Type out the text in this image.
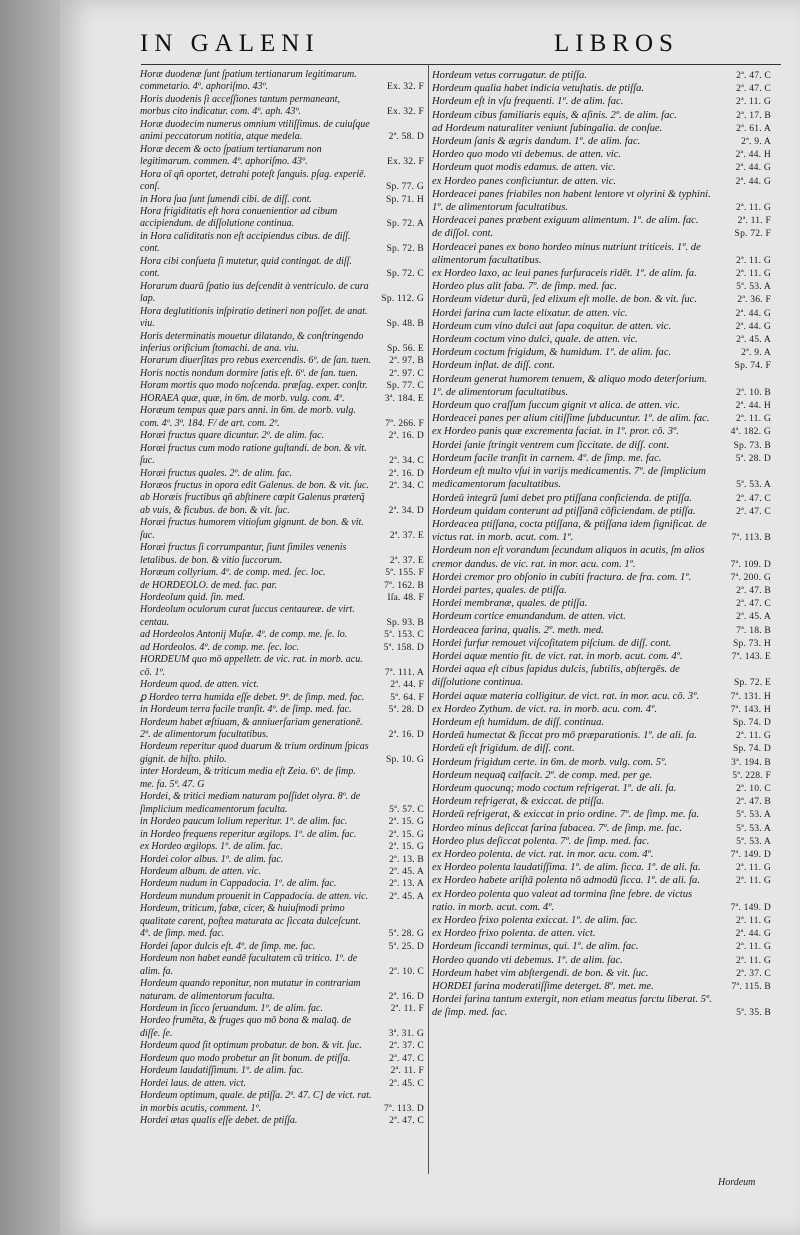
IN GALENI	LIBROS

Horæ duodenæ ſunt ſpatium tertianarum legitimarum. commetario. 4º. aphoriſmo. 43º.	Ex. 32. F

Horis duodenis ſi acceſſiones tantum permaneant, morbus cito indicatur. com. 4º. aph. 43º.	Ex. 32. F

Horæ duodecim numerus omnium vtiliſſimus. de cuiuſque animi peccatorum notitia, atque medela.	2ª. 58. D

Horæ decem & octo ſpatium tertianarum non legitimarum. commen. 4º. aphoriſmo. 43º.	Ex. 32. F

Hora oī qñ oportet, detrahi poteſt ſanguis. pſag. experiē. conſ.	Sp. 77. G

in Hora ſua ſunt ſumendi cibi. de diſſ. cont.	Sp. 71. H

Hora frigiditatis eſt hora conuenientior ad cibum accipiendum. de diſſolutione continua.	Sp. 72. A

in Hora caliditatis non eſt accipiendus cibus. de diſſ. cont.	Sp. 72. B

Hora cibi conſueta ſi mutetur, quid contingat. de diſſ. cont.	Sp. 72. C

Horarum duarū ſpatio ius deſcendit à ventriculo. de cura lap.	Sp. 112. G

Hora deglutitionis inſpiratio detineri non poſſet. de anat. viu.	Sp. 48. B

Horis determinatis mouetur dilatando, & conſtringendo inferius orificium ſtomachi. de ana. viu.	Sp. 56. E

Horarum diuerſitas pro rebus exercendis. 6º. de ſan. tuen. 2ª. 97. B

Horis noctis nondum dormire ſatis eſt. 6º. de ſan. tuen.	2ª. 97. C

Horam mortis quo modo noſcenda. præſag. exper. conſtr. Sp. 77. C

HORAEA quæ, quæ, in 6m. de morb. vulg. com. 4º.	3ª. 184. E

Horæum tempus quæ pars anni. in 6m. de morb. vulg. com. 4º. 3ª. 184. F/ de art. com. 2º.	7ª. 266. F

Horæi fructus quare dicuntur. 2º. de alim. fac.	2ª. 16. D

Horæi fructus cum modo ratione guſtandi. de bon. & vit. ſuc.	2ª. 34. C

Horæi fructus quales. 2º. de alim. fac.	2ª. 16. D

Horæos fructus in opora edit Galenus. de bon. & vit. ſuc. 2ª. 34. C

ab Horæis fructibus qñ abſtinere cœpit Galenus præterq̃ ab vuis, & ficubus. de bon. & vit. ſuc.	2ª. 34. D

Horæi fructus humorem vitioſum gignunt. de bon. & vit. ſuc.	2ª. 37. E

Horæi fructus ſi corrumpantur, ſiunt ſimiles venenis letalibus. de bon. & vitio ſuccorum.	2ª. 37. E

Horæum collyrium. 4º. de comp. med. ſec. loc.	5ª. 155. F

de HORDEOLO. de med. fac. par.	7ª. 162. B

Hordeolum quid. ſin. med.	Iſa. 48. F

Hordeolum oculorum curat ſuccus centaureæ. de virt. centau.	Sp. 93. B

ad Hordeolos Antonij Muſæ. 4º. de comp. me. ſe. lo.	5ª. 153. C

ad Hordeolos. 4º. de comp. me. ſec. loc.	5ª. 158. D

HORDEUM quo mō appelletr. de vic. rat. in morb. acu. cō. 1º.	7ª. 111. A

Hordeum quod. de atten. vict.	2ª. 44. F

ꝑ Hordeo terra humida eſſe debet. 9º. de ſimp. med. fac.	5ª. 64. F

in Hordeum terra facile tranſit. 4º. de ſimp. med. fac.	5ª. 28. D

Hordeum habet æſtiuam, & anniuerſariam generationē. 2º. de alimentorum facultatibus.	2ª. 16. D

Hordeum reperitur quod duarum & trium ordinum ſpicas gignit. de hiſto. philo.	Sp. 10. G

inter Hordeum, & triticum media eſt Zeia. 6º. de ſimp. me. fa. 5ª. 47. G

Hordei, & tritici mediam naturam poſſidet olyra. 8º. de ſimplicium medicamentorum faculta.	5ª. 57. C

in Hordeo paucum lolium reperitur. 1º. de alim. fac.	2ª. 15. G

in Hordeo frequens reperitur ægilops. 1º. de alim. fac.	2ª. 15. G

ex Hordeo ægilops. 1º. de alim. fac.	2ª. 15. G

Hordei color albus. 1º. de alim. fac.	2ª. 13. B

Hordeum album. de atten. vic.	2ª. 45. A

Hordeum nudum in Cappadocia. 1º. de alim. fac.	2ª. 13. A

Hordeum mundum prouenit in Cappadocia. de atten. vic. 2ª. 45. A

Hordeum, triticum, fabæ, cicer, & huiuſmodi primo qualitate carent, poſtea maturata ac ſiccata dulceſcunt. 4º. de ſimp. med. fac.	5ª. 28. G

Hordei ſapor dulcis eſt. 4º. de ſimp. me. fac.	5ª. 25. D

Hordeum non habet eandē facultatem cū tritico. 1º. de alim. fa.	2ª. 10. C

Hordeum quando reponitur, non mutatur in contrariam naturam. de alimentorum faculta.	2ª. 16. D

Hordeum in ſicco ſeruandum. 1º. de alim. fac.	2ª. 11. F

Hordeo frumēta, & fruges quo mō bona & malaq̄. de diſſe. ſe.	3ª. 31. G

Hordeum quod ſit optimum probatur. de bon. & vit. ſuc.	2ª. 37. C

Hordeum quo modo probetur an ſit bonum. de ptiſſa.	2ª. 47. C

Hordeum laudatiſſimum. 1º. de alim. fac.	2ª. 11. F

Hordei laus. de atten. vict.	2ª. 45. C

Hordeum optimum, quale. de ptiſſa. 2ª. 47. C] de vict. rat. in morbis acutis, comment. 1º.	7ª. 113. D

Hordei ætas qualis eſſe debet. de ptiſſa.	2ª. 47. C

Hordeum vetus corrugatur. de ptiſſa.	2ª. 47. C

Hordeum qualia habet indicia vetuſtatis. de ptiſſa.	2ª. 47. C

Hordeum eſt in vſu frequenti. 1º. de alim. fac.	2ª. 11. G

Hordeum cibus familiaris equis, & aſinis. 2º. de alim. fac.	2ª. 17. B

ad Hordeum naturaliter veniunt ſubingalia. de conſue.	2ª. 61. A

Hordeum ſanis & ægris dandum. 1º. de alim. fac.	2ª. 9. A

Hordeo quo modo vti debemus. de atten. vic.	2ª. 44. H

Hordeum quot modis edamus. de atten. vic.	2ª. 44. G

ex Hordeo panes conficiuntur. de atten. vic.	2ª. 44. G

Hordeacei panes friabiles non habent lentore vt olyrini & typhini. 1º. de alimentorum facultatibus.	2ª. 11. G

Hordeacei panes præbent exiguum alimentum. 1º. de alim. fac.	2ª. 11. F

de diſſol. cont.	Sp. 72. F

Hordeacei panes ex bono hordeo minus nutriunt triticeis. 1º. de alimentorum facultatibus.	2ª. 11. G

ex Hordeo laxo, ac leui panes furfuraceis ridēt. 1º. de alim. fa.	2ª. 11. G

Hordeo plus alit faba. 7º. de ſimp. med. fac.	5ª. 53. A

Hordeum videtur durū, ſed elixum eſt molle. de bon. & vit. ſuc.	2ª. 36. F

Hordei farina cum lacte elixatur. de atten. vic.	2ª. 44. G

Hordeum cum vino dulci aut ſapa coquitur. de atten. vic.	2ª. 44. G

Hordeum coctum vino dulci, quale. de atten. vic.	2ª. 45. A

Hordeum coctum frigidum, & humidum. 1º. de alim. fac.	2ª. 9. A

Hordeum inflat. de diſſ. cont.	Sp. 74. F

Hordeum generat humorem tenuem, & aliquo modo deterſorium. 1º. de alimentorum facultatibus.	2ª. 10. B

Hordeum quo craſſum ſuccum gignit vt alica. de atten. vic.	2ª. 44. H

Hordeacei panes per alium citiſſime ſubducuntur. 1º. de alim. fac.	2ª. 11. G

ex Hordeo panis quæ excrementa faciat. in 1º. pror. cō. 3º.	4ª. 182. G

Hordei ſanie ſtringit ventrem cum ſiccitate. de diſſ. cont.	Sp. 73. B

Hordeum facile tranſit in carnem. 4º. de ſimp. me. fac.	5ª. 28. D

Hordeum eſt multo vſui in varijs medicamentis. 7º. de ſimplicium medicamentorum facultatibus.	5ª. 53. A

Hordeū integrū ſumi debet pro ptiſſana conficienda. de ptiſſa.	2ª. 47. C

Hordeum quidam conterunt ad ptiſſanā cōficiendam. de ptiſſa.	2ª. 47. C

Hordeacea ptiſſana, cocta ptiſſana, & ptiſſana idem ſignificat. de victus rat. in morb. acut. com. 1º.	7ª. 113. B

Hordeum non eſt vorandum ſecundum aliquos in acutis, ſm alios cremor dandus. de vic. rat. in mor. acu. com. 1º.	7ª. 109. D

Hordei cremor pro obſonio in cubiti fractura. de fra. com. 1º.	7ª. 200. G

Hordei partes, quales. de ptiſſa.	2ª. 47. B

Hordei membranæ, quales. de ptiſſa.	2ª. 47. C

Hordeum cortice emundandum. de atten. vict.	2ª. 45. A

Hordeacea farina, qualis. 2º. meth. med.	7ª. 18. B

Hordei furfur remouet viſcoſitatem piſcium. de diſſ. cont.	Sp. 73. H

Hordei aquæ mentio fit. de vict. rat. in morb. acut. com. 4º.	7ª. 143. E

Hordei aqua eſt cibus ſapidus dulcis, ſubtilis, abſtergēs. de diſſolutione continua.	Sp. 72. E

Hordei aquæ materia colligitur. de vict. rat. in mor. acu. cō. 3º.	7ª. 131. H

ex Hordeo Zythum. de vict. ra. in morb. acu. com. 4º.	7ª. 143. H

Hordeum eſt humidum. de diſſ. continua.	Sp. 74. D

Hordeū humectat & ſiccat pro mō præparationis. 1º. de ali. fa.	2ª. 11. G

Hordeū eſt frigidum. de diſſ. cont.	Sp. 74. D

Hordeum frigidum certe. in 6m. de morb. vulg. com. 5º.	3ª. 194. B

Hordeum nequaq̄ calfacit. 2º. de comp. med. per ge.	5ª. 228. F

Hordeum quocunq; modo coctum refrigerat. 1º. de ali. fa.	2ª. 10. C

Hordeum refrigerat, & exiccat. de ptiſſa.	2ª. 47. B

Hordeū refrigerat, & exiccat in prio ordine. 7º. de ſimp. me. fa.	5ª. 53. A

Hordeo minus deſiccat farina fabacea. 7º. de ſimp. me. fac.	5ª. 53. A

Hordeo plus deſiccat polenta. 7º. de ſimp. med. fac.	5ª. 53. A

ex Hordeo polenta. de vict. rat. in mor. acu. com. 4º.	7ª. 149. D

ex Hordeo polenta laudatiſſima. 1º. de alim. ſicca. 1º. de ali. fa.	2ª. 11. G

ex Hordeo habete ariſtā polenta nō admodū ſicca. 1º. de ali. fa.	2ª. 11. G

ex Hordeo polenta quo valeat ad tormina ſine febre. de victus ratio. in morb. acut. com. 4º.	7ª. 149. D

ex Hordeo frixo polenta exiccat. 1º. de alim. fac.	2ª. 11. G

ex Hordeo frixo polenta. de atten. vict.	2ª. 44. G

Hordeum ſiccandi terminus, qui. 1º. de alim. fac.	2ª. 11. G

Hordeo quando vti debemus. 1º. de alim. fac.	2ª. 11. G

Hordeum habet vim abſtergendi. de bon. & vit. ſuc.	2ª. 37. C

HORDEI farina moderatiſſime deterget. 8º. met. me.	7ª. 115. B

Hordei farina tantum extergit, non etiam meatus farctu liberat. 5º. de ſimp. med. fac.	5ª. 35. B

Hordeum
